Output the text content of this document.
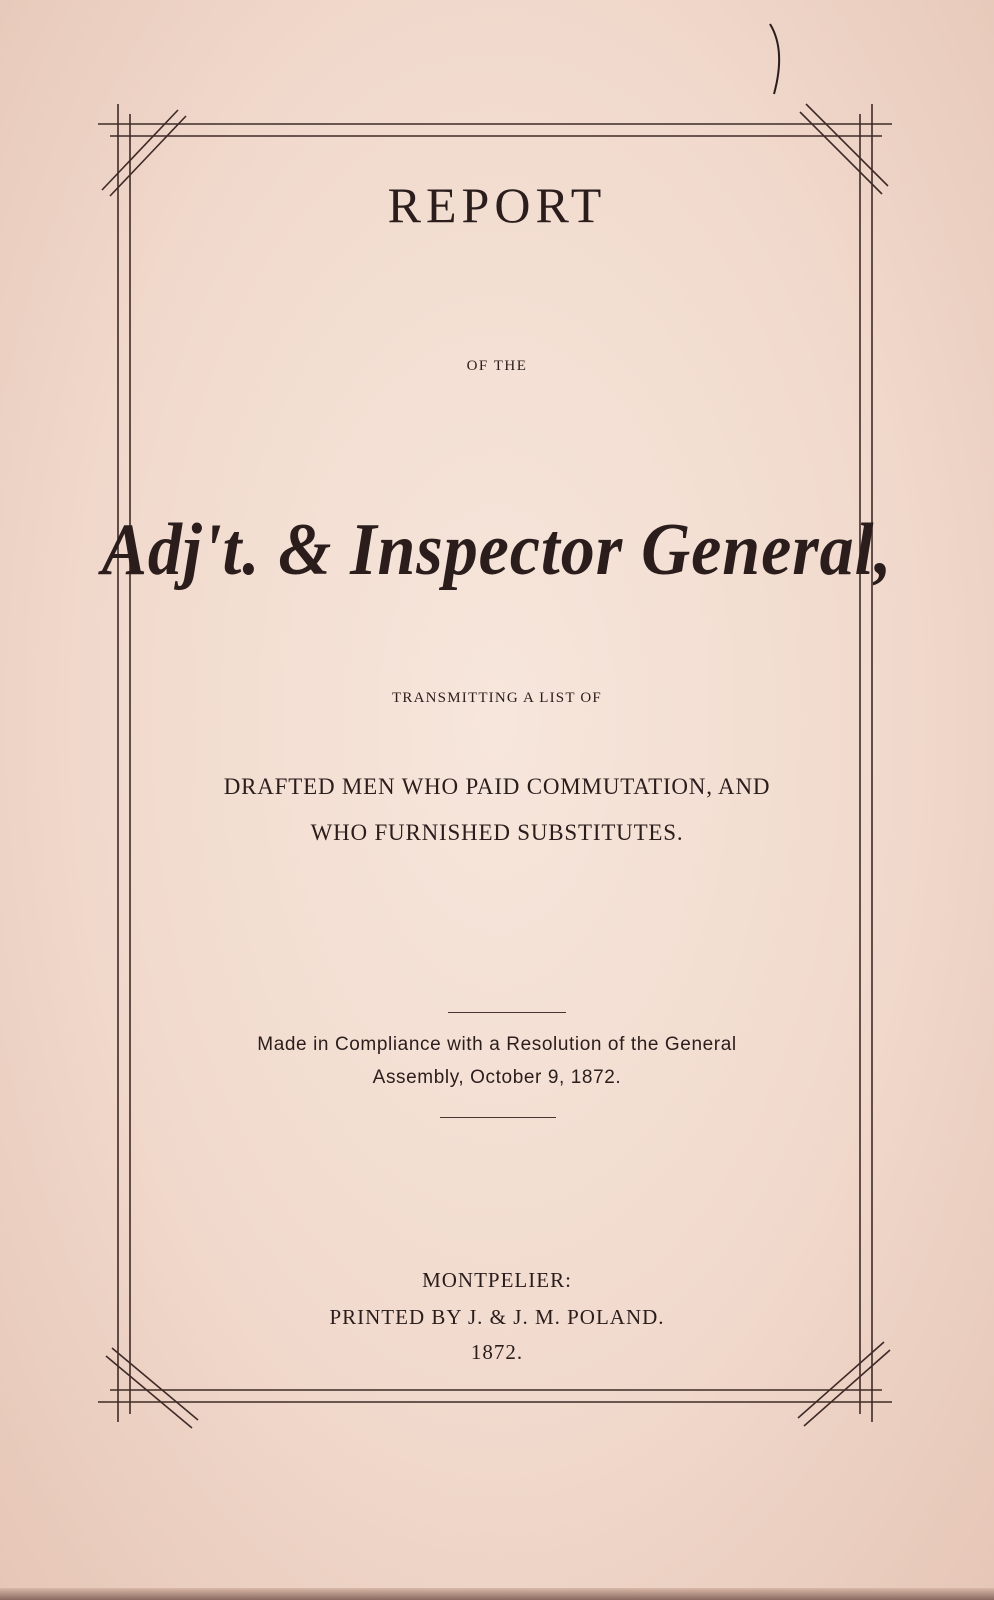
REPORT

OF THE

Adj't. & Inspector General,

TRANSMITTING A LIST OF

DRAFTED MEN WHO PAID COMMUTATION, AND

WHO FURNISHED SUBSTITUTES.

Made in Compliance with a Resolution of the General

Assembly, October 9, 1872.

MONTPELIER:

PRINTED BY J. & J. M. POLAND.

1872.
